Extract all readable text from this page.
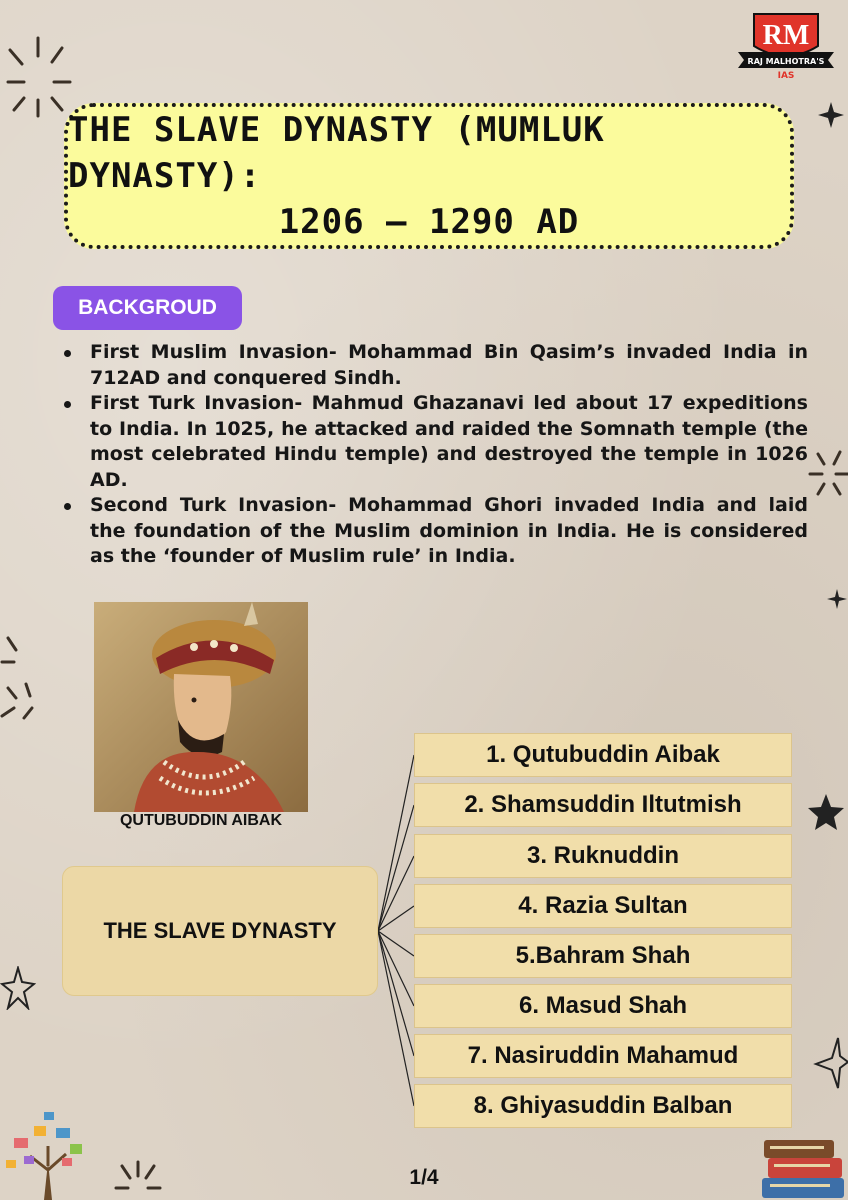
RM
RAJ MALHOTRA'S
IAS
THE SLAVE DYNASTY (MUMLUK DYNASTY):
1206 – 1290 AD
BACKGROUD
First Muslim Invasion- Mohammad Bin Qasim’s invaded India in 712AD and conquered Sindh.
First Turk Invasion- Mahmud Ghazanavi led about 17 expeditions to India. In 1025, he attacked and raided the Somnath temple (the most celebrated Hindu temple) and destroyed the temple in 1026 AD.
Second Turk Invasion- Mohammad Ghori invaded India and laid the foundation of the Muslim dominion in India. He is considered as the ‘founder of Muslim rule’ in India.
QUTUBUDDIN AIBAK
THE SLAVE DYNASTY
1. Qutubuddin Aibak
2. Shamsuddin Iltutmish
3. Ruknuddin
4. Razia Sultan
5.Bahram Shah
6. Masud Shah
7. Nasiruddin Mahamud
8. Ghiyasuddin Balban
1/4
